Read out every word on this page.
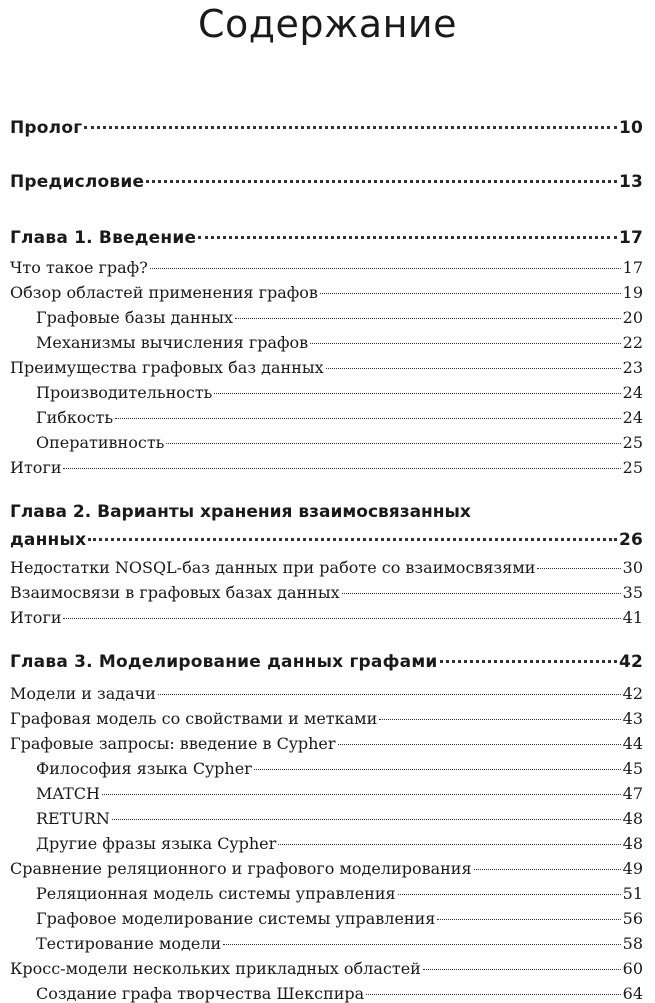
Содержание
Пролог	10
Предисловие	13
Глава 1. Введение	17
Что такое граф?	17
Обзор областей применения графов	19
Графовые базы данных	20
Механизмы вычисления графов	22
Преимущества графовых баз данных	23
Производительность	24
Гибкость	24
Оперативность	25
Итоги	25
Глава 2. Варианты хранения взаимосвязанных
данных	26
Недостатки NOSQL-баз данных при работе со взаимосвязями	30
Взаимосвязи в графовых базах данных	35
Итоги	41
Глава 3. Моделирование данных графами	42
Модели и задачи	42
Графовая модель со свойствами и метками	43
Графовые запросы: введение в Cypher	44
Философия языка Cypher	45
MATCH	47
RETURN	48
Другие фразы языка Cypher	48
Сравнение реляционного и графового моделирования	49
Реляционная модель системы управления	51
Графовое моделирование системы управления	56
Тестирование модели	58
Кросс-модели нескольких прикладных областей	60
Создание графа творчества Шекспира	64
